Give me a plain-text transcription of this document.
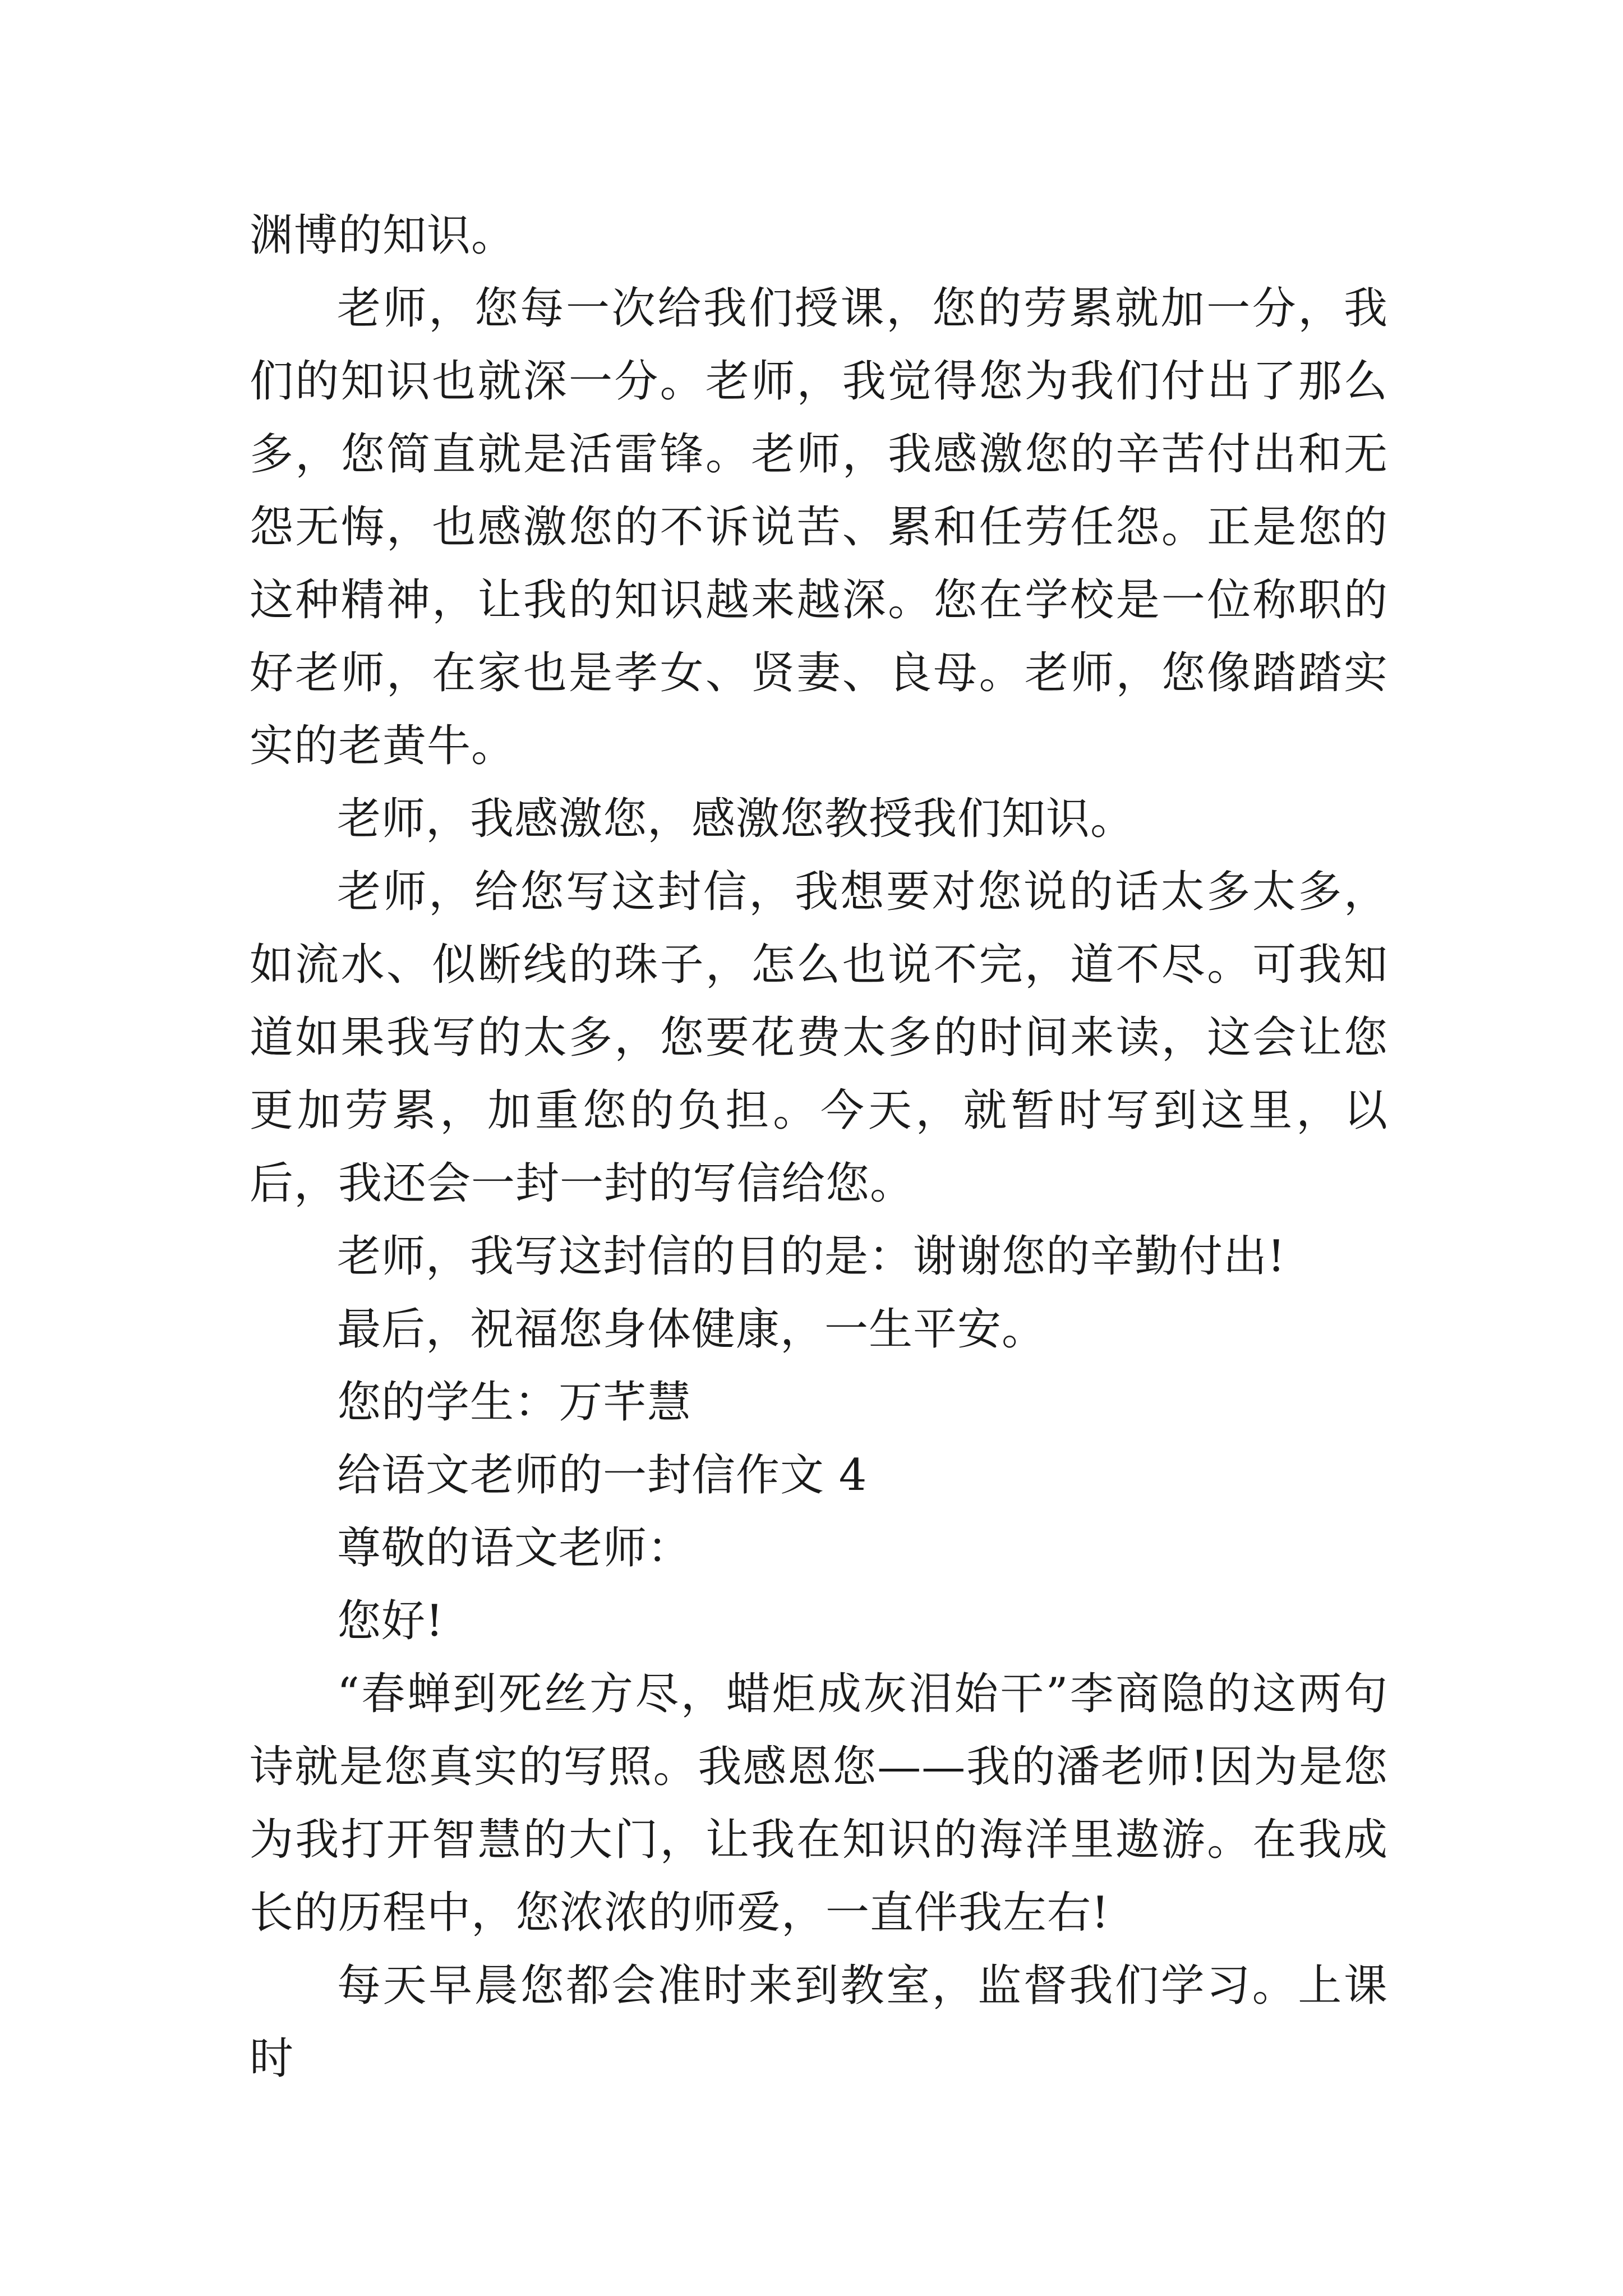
渊博的知识。

老师，您每一次给我们授课，您的劳累就加一分，我们的知识也就深一分。老师，我觉得您为我们付出了那么多，您简直就是活雷锋。老师，我感激您的辛苦付出和无怨无悔，也感激您的不诉说苦、累和任劳任怨。正是您的这种精神，让我的知识越来越深。您在学校是一位称职的好老师，在家也是孝女、贤妻、良母。老师，您像踏踏实实的老黄牛。

老师，我感激您，感激您教授我们知识。

老师，给您写这封信，我想要对您说的话太多太多，如流水、似断线的珠子，怎么也说不完，道不尽。可我知道如果我写的太多，您要花费太多的时间来读，这会让您更加劳累，加重您的负担。今天，就暂时写到这里，以后，我还会一封一封的写信给您。

老师，我写这封信的目的是：谢谢您的辛勤付出!

最后，祝福您身体健康，一生平安。

您的学生：万芊慧

给语文老师的一封信作文 4

尊敬的语文老师：

您好!

“春蝉到死丝方尽，蜡炬成灰泪始干”李商隐的这两句诗就是您真实的写照。我感恩您——我的潘老师!因为是您为我打开智慧的大门，让我在知识的海洋里遨游。在我成长的历程中，您浓浓的师爱，一直伴我左右!

每天早晨您都会准时来到教室，监督我们学习。上课时
